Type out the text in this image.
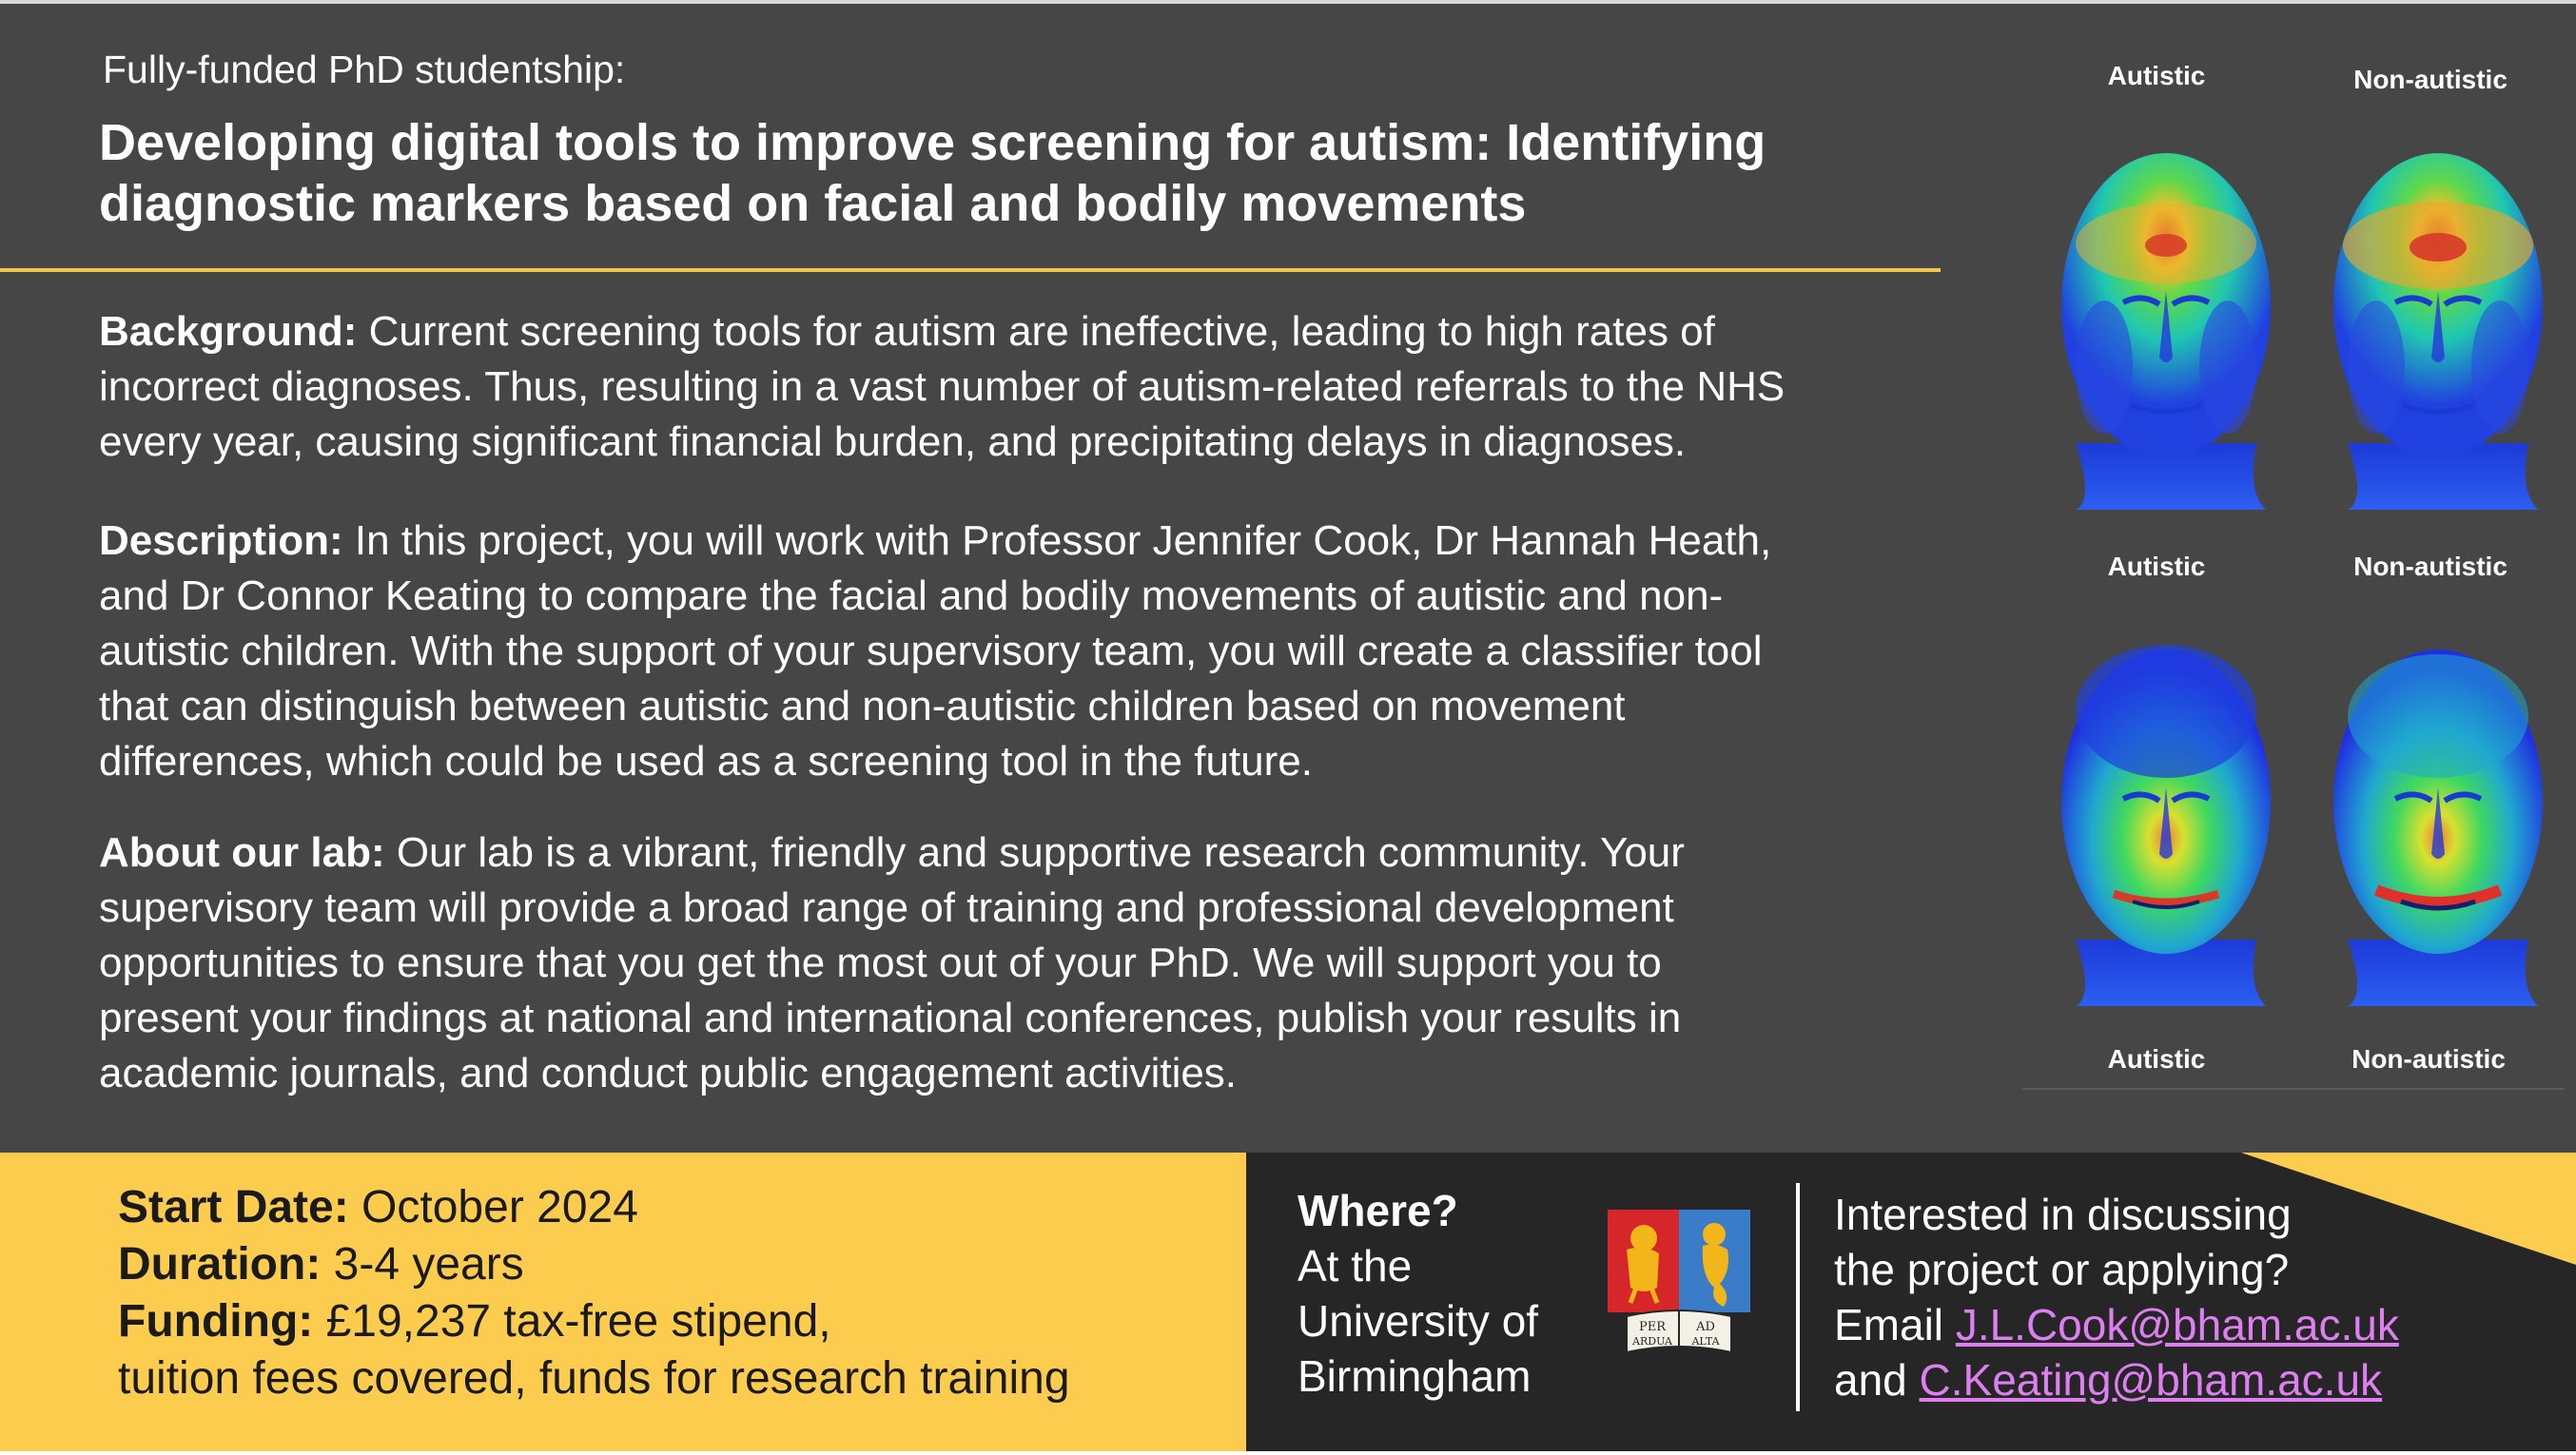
Fully-funded PhD studentship:
Developing digital tools to improve screening for autism: Identifying
diagnostic markers based on facial and bodily movements
Background: Current screening tools for autism are ineffective, leading to high rates of
incorrect diagnoses. Thus, resulting in a vast number of autism-related referrals to the NHS
every year, causing significant financial burden, and precipitating delays in diagnoses.
Description: In this project, you will work with Professor Jennifer Cook, Dr Hannah Heath,
and Dr Connor Keating to compare the facial and bodily movements of autistic and non-
autistic children. With the support of your supervisory team, you will create a classifier tool
that can distinguish between autistic and non-autistic children based on movement
differences, which could be used as a screening tool in the future.
About our lab: Our lab is a vibrant, friendly and supportive research community. Your
supervisory team will provide a broad range of training and professional development
opportunities to ensure that you get the most out of your PhD. We will support you to
present your findings at national and international conferences, publish your results in
academic journals, and conduct public engagement activities.
Autistic	Non-autistic
Autistic	Non-autistic
Autistic	Non-autistic
Start Date: October 2024
Duration: 3-4 years
Funding: £19,237 tax-free stipend,
tuition fees covered, funds for research training
Where?
At the
University of
Birmingham
PER
ARDUA
AD
ALTA
Interested in discussing
the project or applying?
Email J.L.Cook@bham.ac.uk
and C.Keating@bham.ac.uk
